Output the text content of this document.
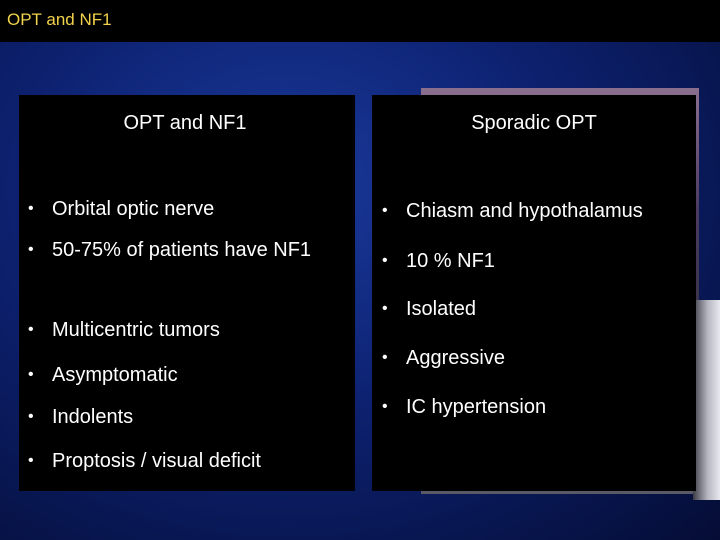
OPT and NF1
OPT and NF1
• Orbital optic nerve
• 50-75% of patients have NF1
• Multicentric tumors
• Asymptomatic
• Indolents
• Proptosis / visual deficit
Sporadic OPT
• Chiasm and hypothalamus
• 10 % NF1
• Isolated
• Aggressive
• IC hypertension
